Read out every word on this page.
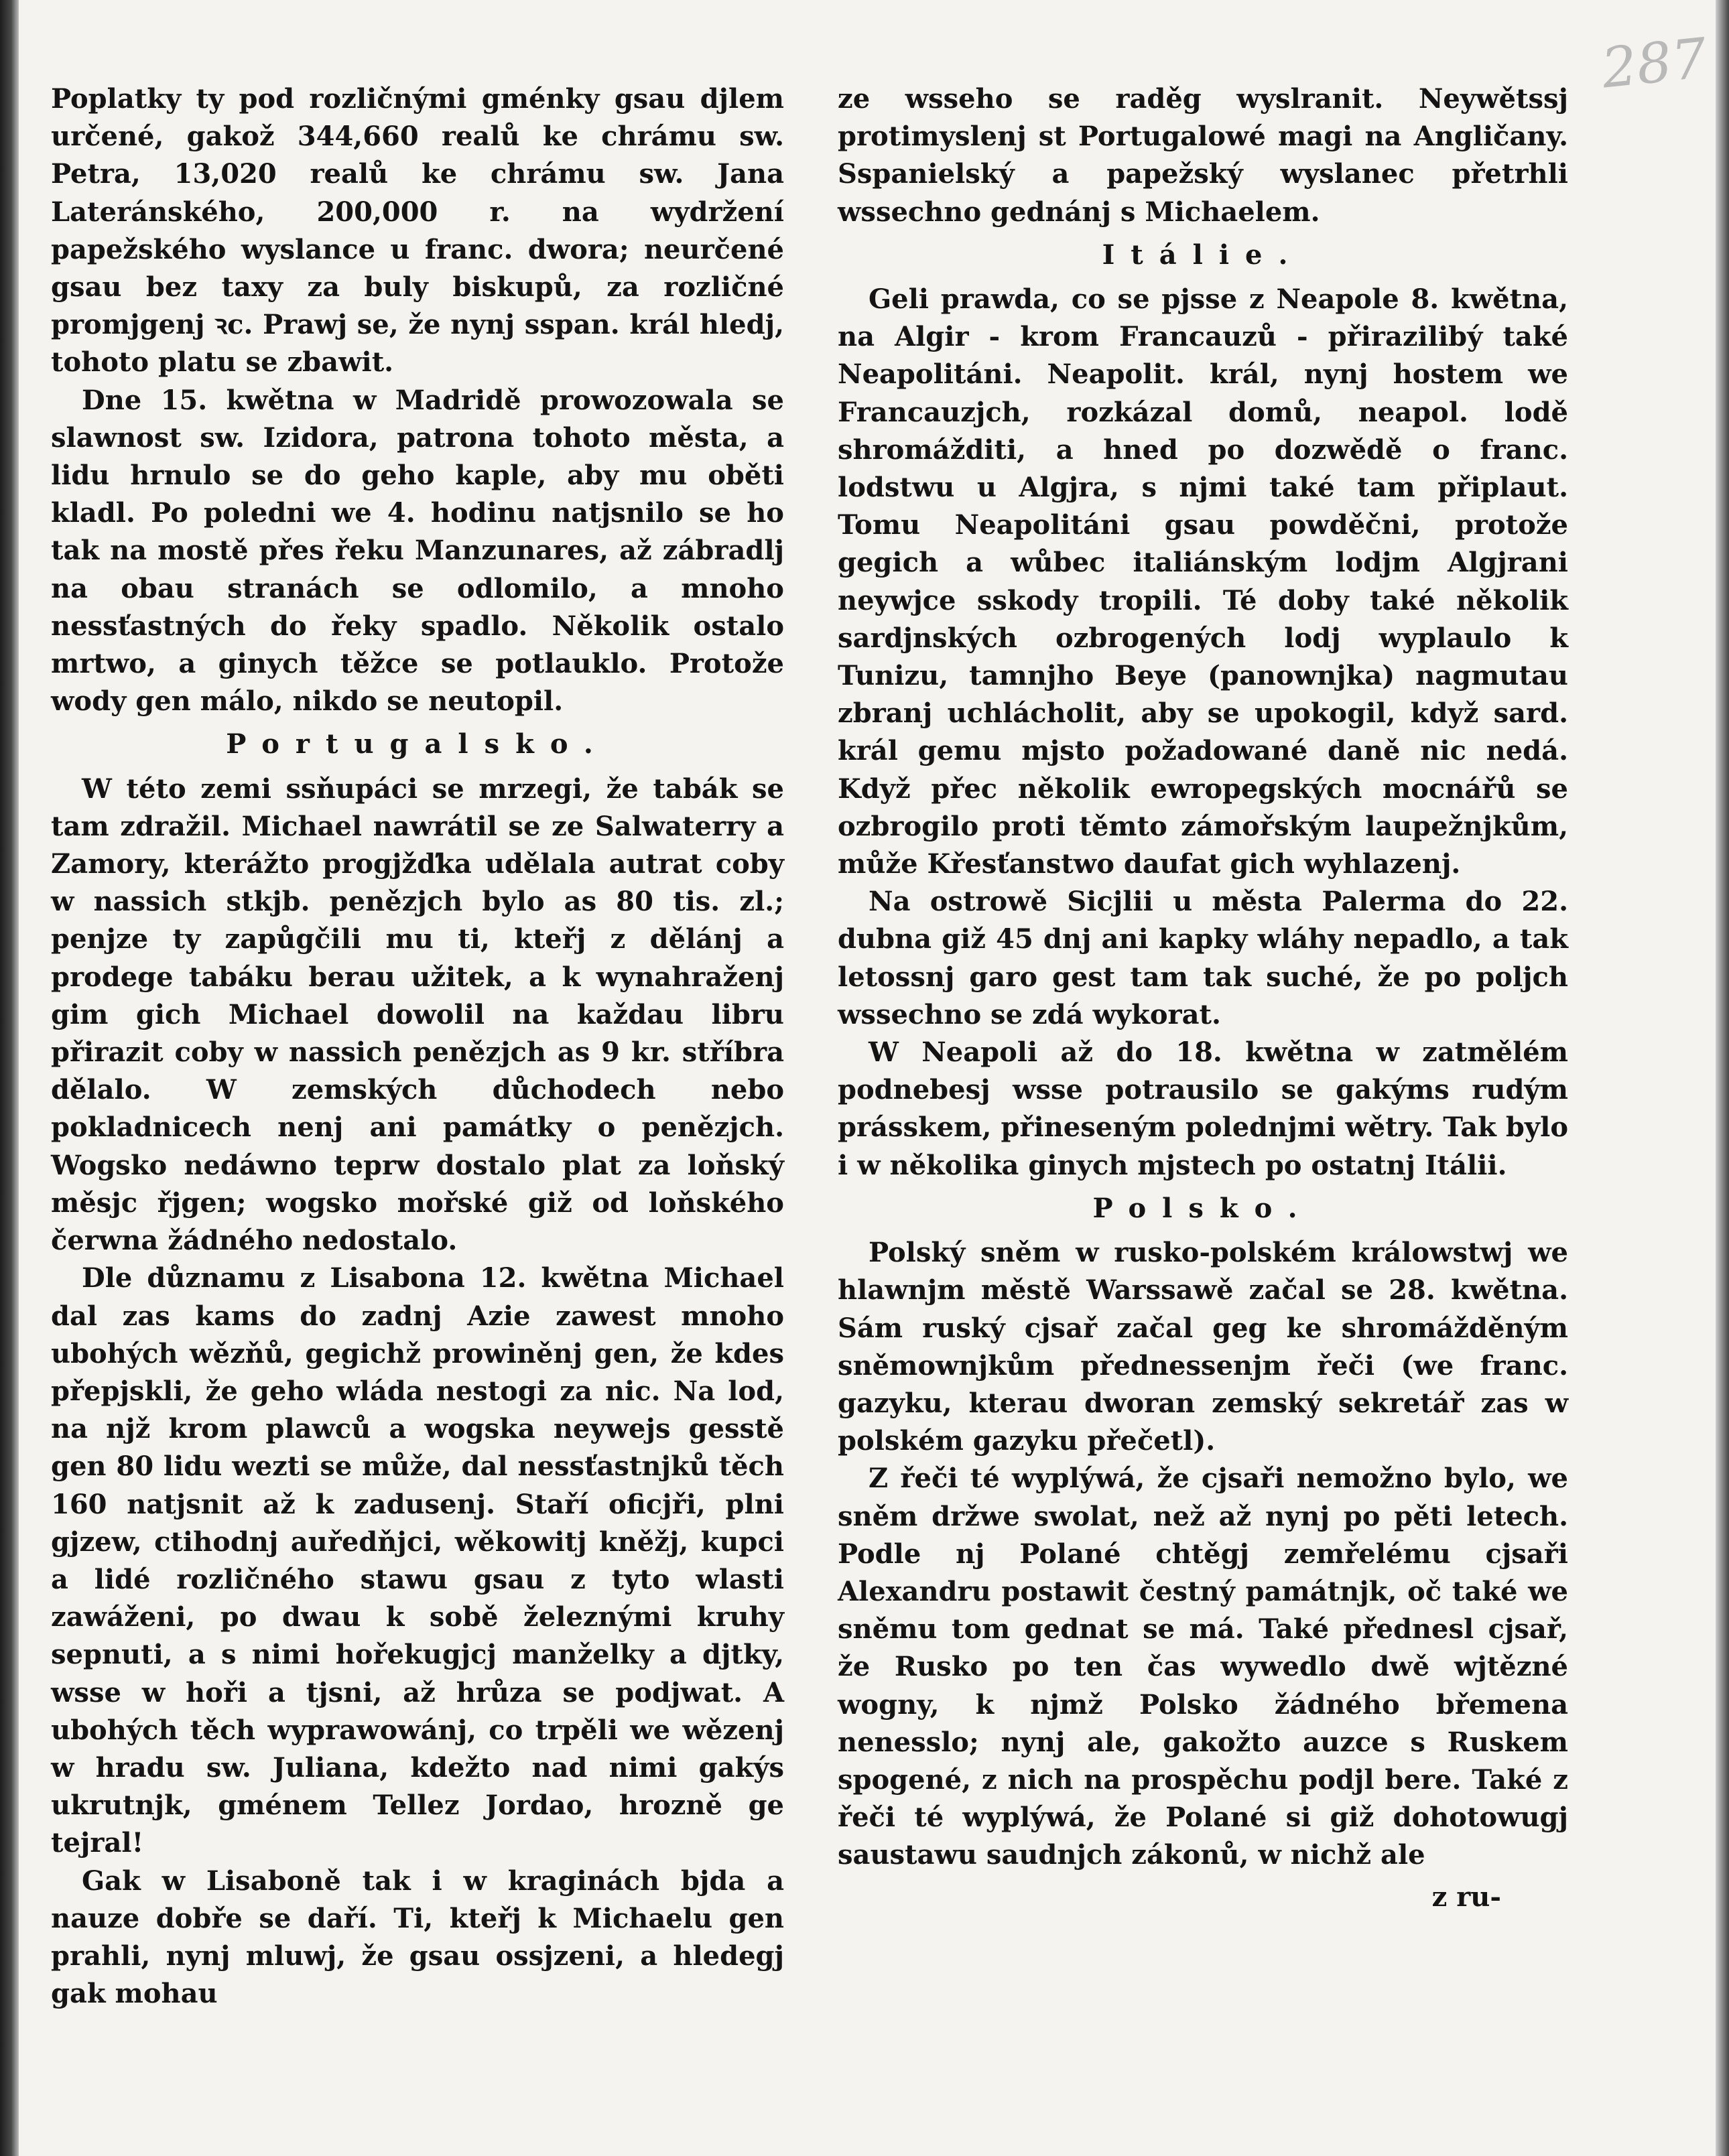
287

Poplatky ty pod rozličnými gménky gsau djlem určené, gakož 344,660 realů ke chrámu sw. Petra, 13,020 realů ke chrámu sw. Jana Lateránského, 200,000 r. na wydržení papežského wyslance u franc. dwora; neurčené gsau bez taxy za buly biskupů, za rozličné promjgenj ꝛc. Prawj se, že nynj sspan. král hledj, tohoto platu se zbawit.

Dne 15. kwětna w Madridě prowozowala se slawnost sw. Izidora, patrona tohoto města, a lidu hrnulo se do geho kaple, aby mu oběti kladl. Po poledni we 4. hodinu natjsnilo se ho tak na mostě přes řeku Manzunares, až zábradlj na obau stranách se odlomilo, a mnoho nessťastných do řeky spadlo. Několik ostalo mrtwo, a ginych těžce se potlauklo. Protože wody gen málo, nikdo se neutopil.

Portugalsko.

W této zemi ssňupáci se mrzegi, že tabák se tam zdražil. Michael nawrátil se ze Salwaterry a Zamory, kterážto progjžďka udělala autrat coby w nassich stkjb. penězjch bylo as 80 tis. zl.; penjze ty zapůgčili mu ti, kteřj z dělánj a prodege tabáku berau užitek, a k wynahraženj gim gich Michael dowolil na každau libru přirazit coby w nassich penězjch as 9 kr. stříbra dělalo. W zemských důchodech nebo pokladnicech nenj ani památky o penězjch. Wogsko nedáwno teprw dostalo plat za loňský měsjc řjgen; wogsko mořské giž od loňského čerwna žádného nedostalo.

Dle důznamu z Lisabona 12. kwětna Michael dal zas kams do zadnj Azie zawest mnoho ubohých wězňů, gegichž prowiněnj gen, že kdes přepjskli, že geho wláda nestogi za nic. Na lod, na njž krom plawců a wogska neywejs gesstě gen 80 lidu wezti se může, dal nessťastnjků těch 160 natjsnit až k zadusenj. Staří oficjři, plni gjzew, ctihodnj auředňjci, wěkowitj kněžj, kupci a lidé rozličného stawu gsau z tyto wlasti zawáženi, po dwau k sobě železnými kruhy sepnuti, a s nimi hořekugjcj manželky a djtky, wsse w hoři a tjsni, až hrůza se podjwat. A ubohých těch wyprawowánj, co trpěli we wězenj w hradu sw. Juliana, kdežto nad nimi gakýs ukrutnjk, gménem Tellez Jordao, hrozně ge tejral!

Gak w Lisaboně tak i w kraginách bjda a nauze dobře se daří. Ti, kteřj k Michaelu gen prahli, nynj mluwj, že gsau ossjzeni, a hledegj gak mohau

ze wsseho se raděg wyslranit. Neywětssj protimyslenj st Portugalowé magi na Angličany. Sspanielský a papežský wyslanec přetrhli wssechno gednánj s Michaelem.

Itálie.

Geli prawda, co se pjsse z Neapole 8. kwětna, na Algir - krom Francauzů - přirazilibý také Neapolitáni. Neapolit. král, nynj hostem we Francauzjch, rozkázal domů, neapol. lodě shromážditi, a hned po dozwědě o franc. lodstwu u Algjra, s njmi také tam připlaut. Tomu Neapolitáni gsau powděčni, protože gegich a wůbec italiánským lodjm Algjrani neywjce sskody tropili. Té doby také několik sardjnských ozbrogených lodj wyplaulo k Tunizu, tamnjho Beye (panownjka) nagmutau zbranj uchlácholit, aby se upokogil, když sard. král gemu mjsto požadowané daně nic nedá. Když přec několik ewropegských mocnářů se ozbrogilo proti těmto zámořským laupežnjkům, může Křesťanstwo daufat gich wyhlazenj.

Na ostrowě Sicjlii u města Palerma do 22. dubna giž 45 dnj ani kapky wláhy nepadlo, a tak letossnj garo gest tam tak suché, že po poljch wssechno se zdá wykorat.

W Neapoli až do 18. kwětna w zatmělém podnebesj wsse potrausilo se gakýms rudým prásskem, přineseným polednjmi wětry. Tak bylo i w několika ginych mjstech po ostatnj Itálii.

Polsko.

Polský sněm w rusko-polském králowstwj we hlawnjm městě Warssawě začal se 28. kwětna. Sám ruský cjsař začal geg ke shromážděným sněmownjkům přednessenjm řeči (we franc. gazyku, kterau dworan zemský sekretář zas w polském gazyku přečetl).

Z řeči té wyplýwá, že cjsaři nemožno bylo, we sněm držwe swolat, než až nynj po pěti letech. Podle nj Polané chtěgj zemřelému cjsaři Alexandru postawit čestný památnjk, oč také we sněmu tom gednat se má. Také přednesl cjsař, že Rusko po ten čas wywedlo dwě wjtězné wogny, k njmž Polsko žádného břemena nenesslo; nynj ale, gakožto auzce s Ruskem spogené, z nich na prospěchu podjl bere. Také z řeči té wyplýwá, že Polané si giž dohotowugj saustawu saudnjch zákonů, w nichž ale

z ru-
